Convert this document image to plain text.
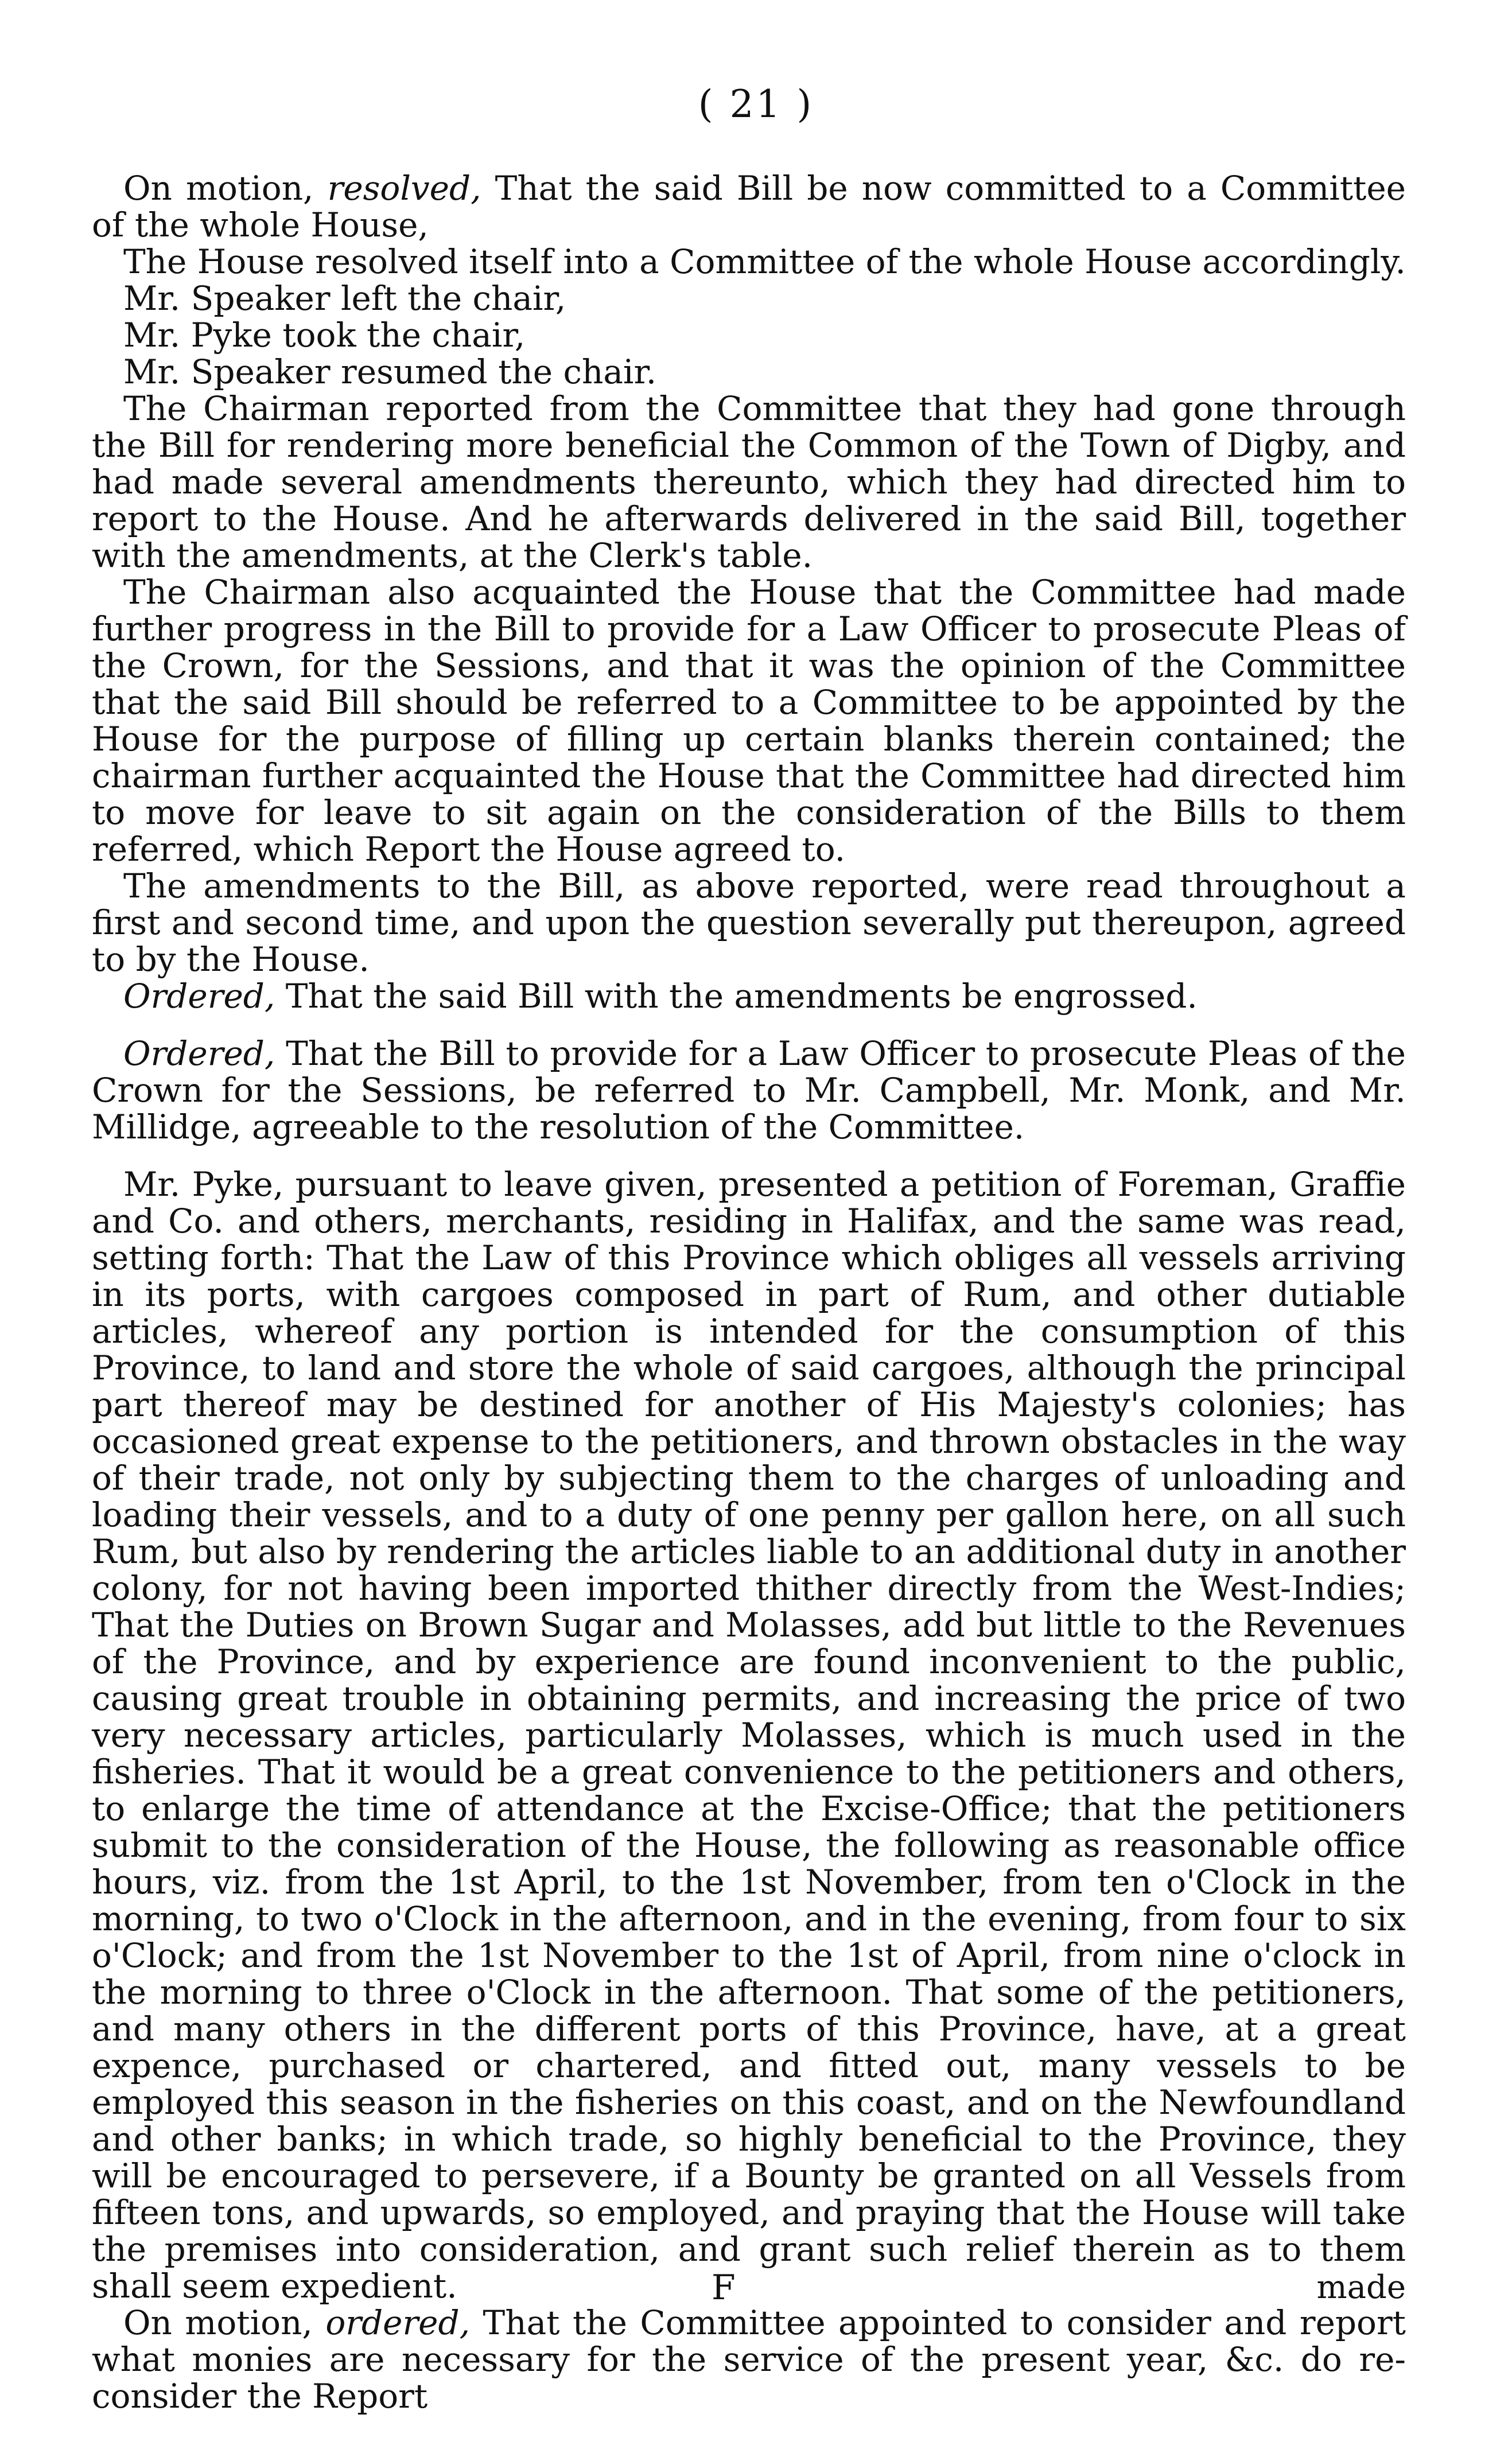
( 21 )

On motion, resolved, That the said Bill be now committed to a Committee of the whole House,

The House resolved itself into a Committee of the whole House accordingly.

Mr. Speaker left the chair,

Mr. Pyke took the chair,

Mr. Speaker resumed the chair.

The Chairman reported from the Committee that they had gone through the Bill for rendering more beneficial the Common of the Town of Digby, and had made several amendments thereunto, which they had directed him to report to the House. And he afterwards delivered in the said Bill, together with the amendments, at the Clerk's table.

The Chairman also acquainted the House that the Committee had made further progress in the Bill to provide for a Law Officer to prosecute Pleas of the Crown, for the Sessions, and that it was the opinion of the Committee that the said Bill should be referred to a Committee to be appointed by the House for the purpose of filling up certain blanks therein contained; the chairman further acquainted the House that the Committee had directed him to move for leave to sit again on the consideration of the Bills to them referred, which Report the House agreed to.

The amendments to the Bill, as above reported, were read throughout a first and second time, and upon the question severally put thereupon, agreed to by the House.

Ordered, That the said Bill with the amendments be engrossed.

Ordered, That the Bill to provide for a Law Officer to prosecute Pleas of the Crown for the Sessions, be referred to Mr. Campbell, Mr. Monk, and Mr. Millidge, agreeable to the resolution of the Committee.

Mr. Pyke, pursuant to leave given, presented a petition of Foreman, Graffie and Co. and others, merchants, residing in Halifax, and the same was read, setting forth: That the Law of this Province which obliges all vessels arriving in its ports, with cargoes composed in part of Rum, and other dutiable articles, whereof any portion is intended for the consumption of this Province, to land and store the whole of said cargoes, although the principal part thereof may be destined for another of His Majesty's colonies; has occasioned great expense to the petitioners, and thrown obstacles in the way of their trade, not only by subjecting them to the charges of unloading and loading their vessels, and to a duty of one penny per gallon here, on all such Rum, but also by rendering the articles liable to an additional duty in another colony, for not having been imported thither directly from the West-Indies; That the Duties on Brown Sugar and Molasses, add but little to the Revenues of the Province, and by experience are found inconvenient to the public, causing great trouble in obtaining permits, and increasing the price of two very necessary articles, particularly Molasses, which is much used in the fisheries. That it would be a great convenience to the petitioners and others, to enlarge the time of attendance at the Excise-Office; that the petitioners submit to the consideration of the House, the following as reasonable office hours, viz. from the 1st April, to the 1st November, from ten o'Clock in the morning, to two o'Clock in the afternoon, and in the evening, from four to six o'Clock; and from the 1st November to the 1st of April, from nine o'clock in the morning to three o'Clock in the afternoon. That some of the petitioners, and many others in the different ports of this Province, have, at a great expence, purchased or chartered, and fitted out, many vessels to be employed this season in the fisheries on this coast, and on the Newfoundland and other banks; in which trade, so highly beneficial to the Province, they will be encouraged to persevere, if a Bounty be granted on all Vessels from fifteen tons, and upwards, so employed, and praying that the House will take the premises into consideration, and grant such relief therein as to them shall seem expedient.

On motion, ordered, That the Committee appointed to consider and report what monies are necessary for the service of the present year, &c. do re-consider the Report

F	made
